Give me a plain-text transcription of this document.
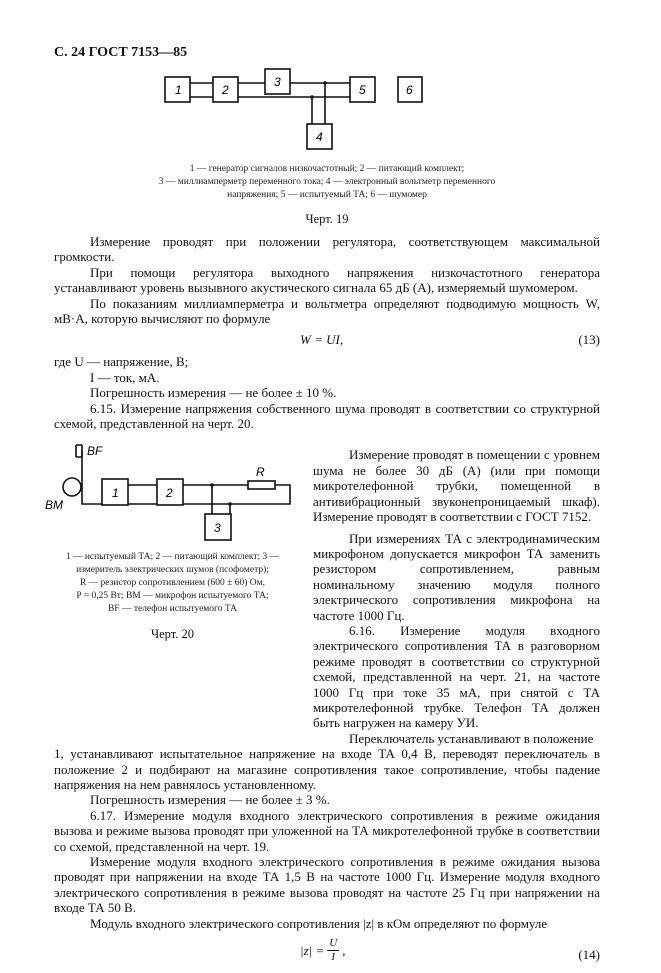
С. 24 ГОСТ 7153—85
1	2
3
4
5	6
1 — генератор сигналов низкочастотный; 2 — питающий комплект;
3 — миллиамперметр переменного тока; 4 — электронный вольтметр переменного
напряжения; 5 — испытуемый ТА; 6 — шумомер
Черт. 19
Измерение проводят при положении регулятора, соответствующем максимальной громкости.
При помощи регулятора выходного напряжения низкочастотного генератора устанавливают уровень вызывного акустического сигнала 65 дБ (А), измеряемый шумомером.
По показаниям миллиамперметра и вольтметра определяют подводимую мощность W, мВ·А, которую вычисляют по формуле
W = UI,	(13)
где U — напряжение, В;
I — ток, мА.
Погрешность измерения — не более ± 10 %.
6.15. Измерение напряжения собственного шума проводят в соответствии со структурной схемой, представленной на черт. 20.
BF
BM
R
1	2
3
1 — испытуемый ТА; 2 — питающий комплект; 3 —
измеритель электрических шумов (псофометр);
R — резистор сопротивлением (600 ± 60) Ом,
P = 0,25 Вт; BM — микрофон испытуемого ТА;
BF — телефон испытуемого ТА
Черт. 20
Измерение проводят в помещении с уровнем шума не более 30 дБ (А) (или при помощи микротелефонной трубки, помещенной в антивибрационный звуконепроницаемый шкаф). Измерение проводят в соответствии с ГОСТ 7152.
При измерениях ТА с электродинамическим микрофоном допускается микрофон ТА заменить резистором сопротивлением, равным номинальному значению модуля полного электрического сопротивления микрофона на частоте 1000 Гц.
6.16. Измерение модуля входного электрического сопротивления ТА в разговорном режиме проводят в соответствии со структурной схемой, представленной на черт. 21, на частоте 1000 Гц при токе 35 мА, при снятой с ТА микротелефонной трубке. Телефон ТА должен быть нагружен на камеру УИ.
Переключатель устанавливают в положение
1, устанавливают испытательное напряжение на входе ТА 0,4 В, переводят переключатель в положение 2 и подбирают на магазине сопротивления такое сопротивление, чтобы падение напряжения на нем равнялось установленному.
Погрешность измерения — не более ± 3 %.
6.17. Измерение модуля входного электрического сопротивления в режиме ожидания вызова и режиме вызова проводят при уложенной на ТА микротелефонной трубке в соответствии со схемой, представленной на черт. 19.
Измерение модуля входного электрического сопротивления в режиме ожидания вызова проводят при напряжении на входе ТА 1,5 В на частоте 1000 Гц. Измерение модуля входного электрического сопротивления в режиме вызова проводят на частоте 25 Гц при напряжении на входе ТА 50 В.
Модуль входного электрического сопротивления |z| в кОм определяют по формуле
$|z| = \frac{U}{I}$ ,	(14)
